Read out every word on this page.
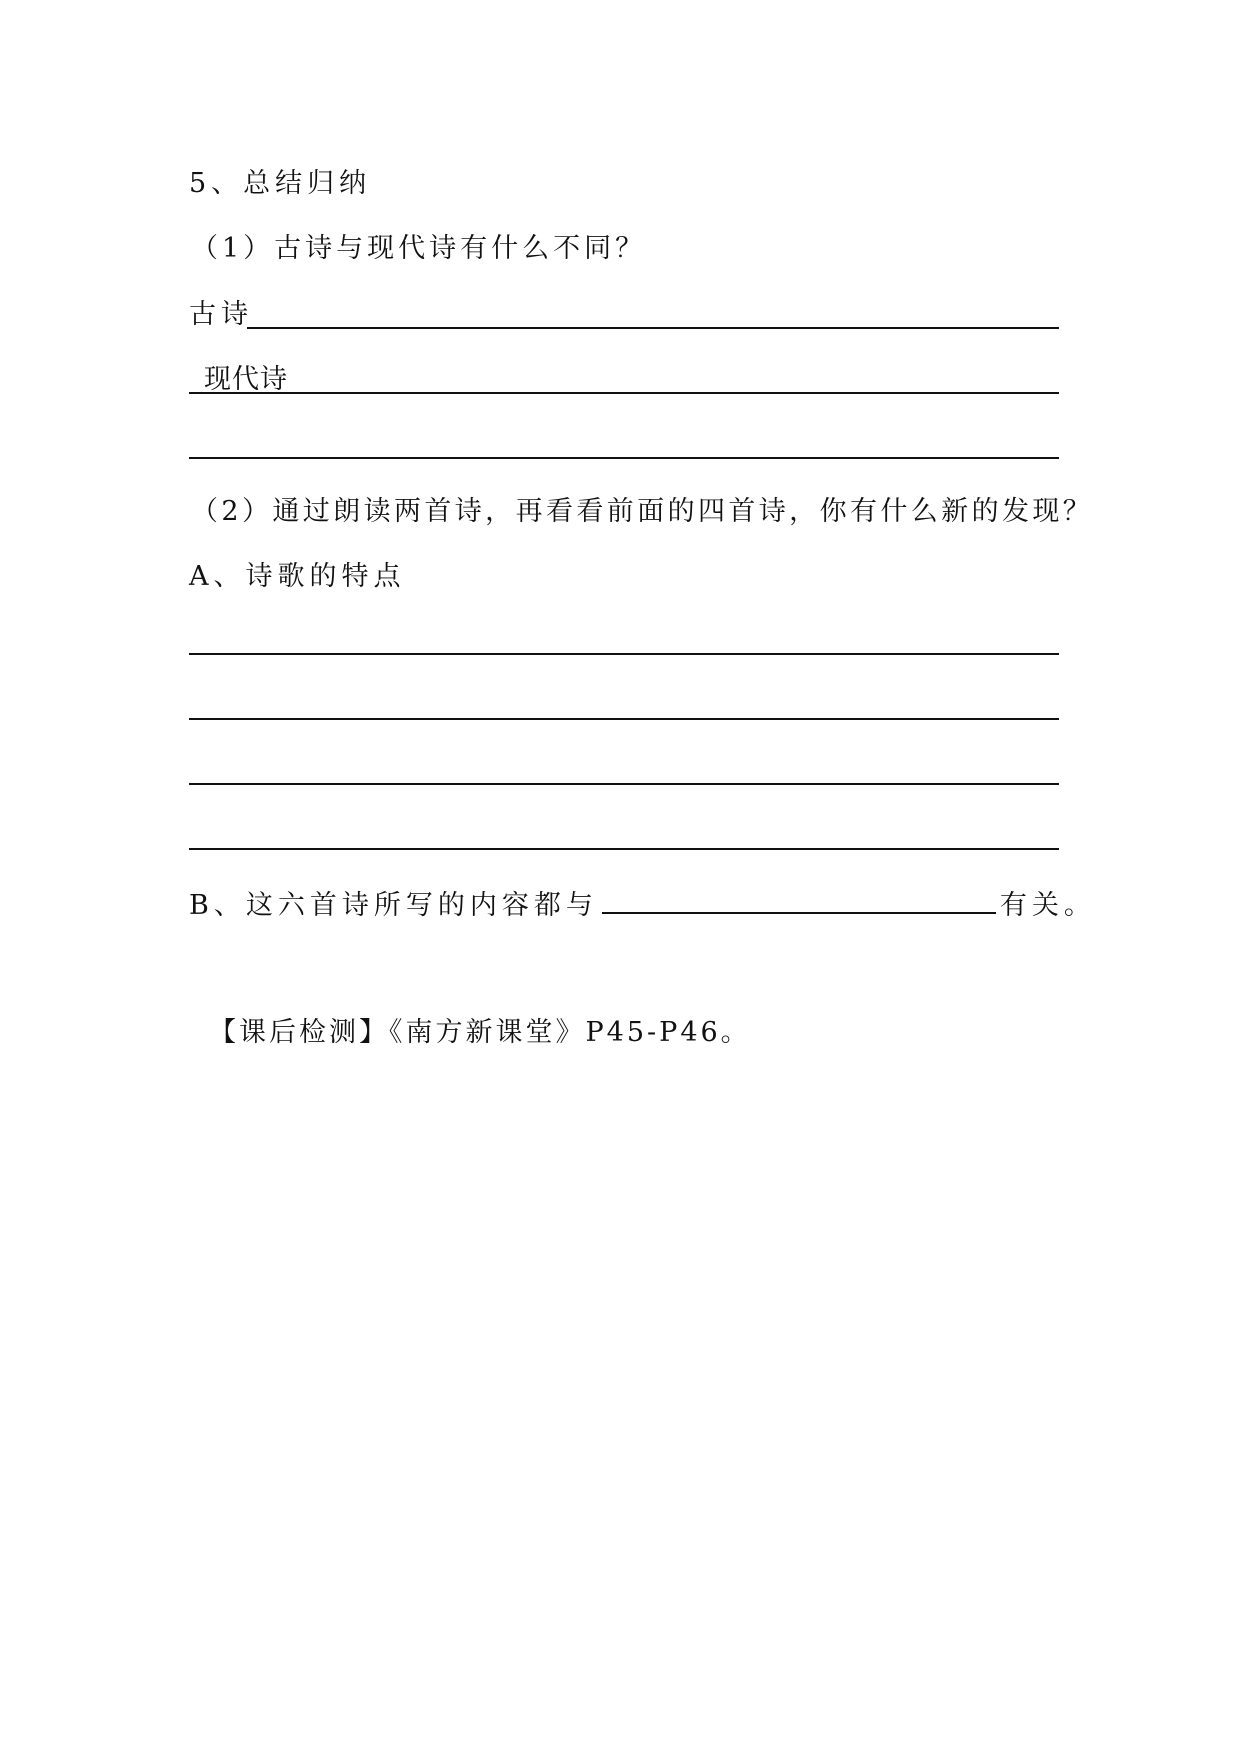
5、总结归纳
（1）古诗与现代诗有什么不同？
古诗
现代诗
（2）通过朗读两首诗，再看看前面的四首诗，你有什么新的发现？
A、诗歌的特点
B、这六首诗所写的内容都与	有关。
【课后检测】《南方新课堂》P45-P46。
